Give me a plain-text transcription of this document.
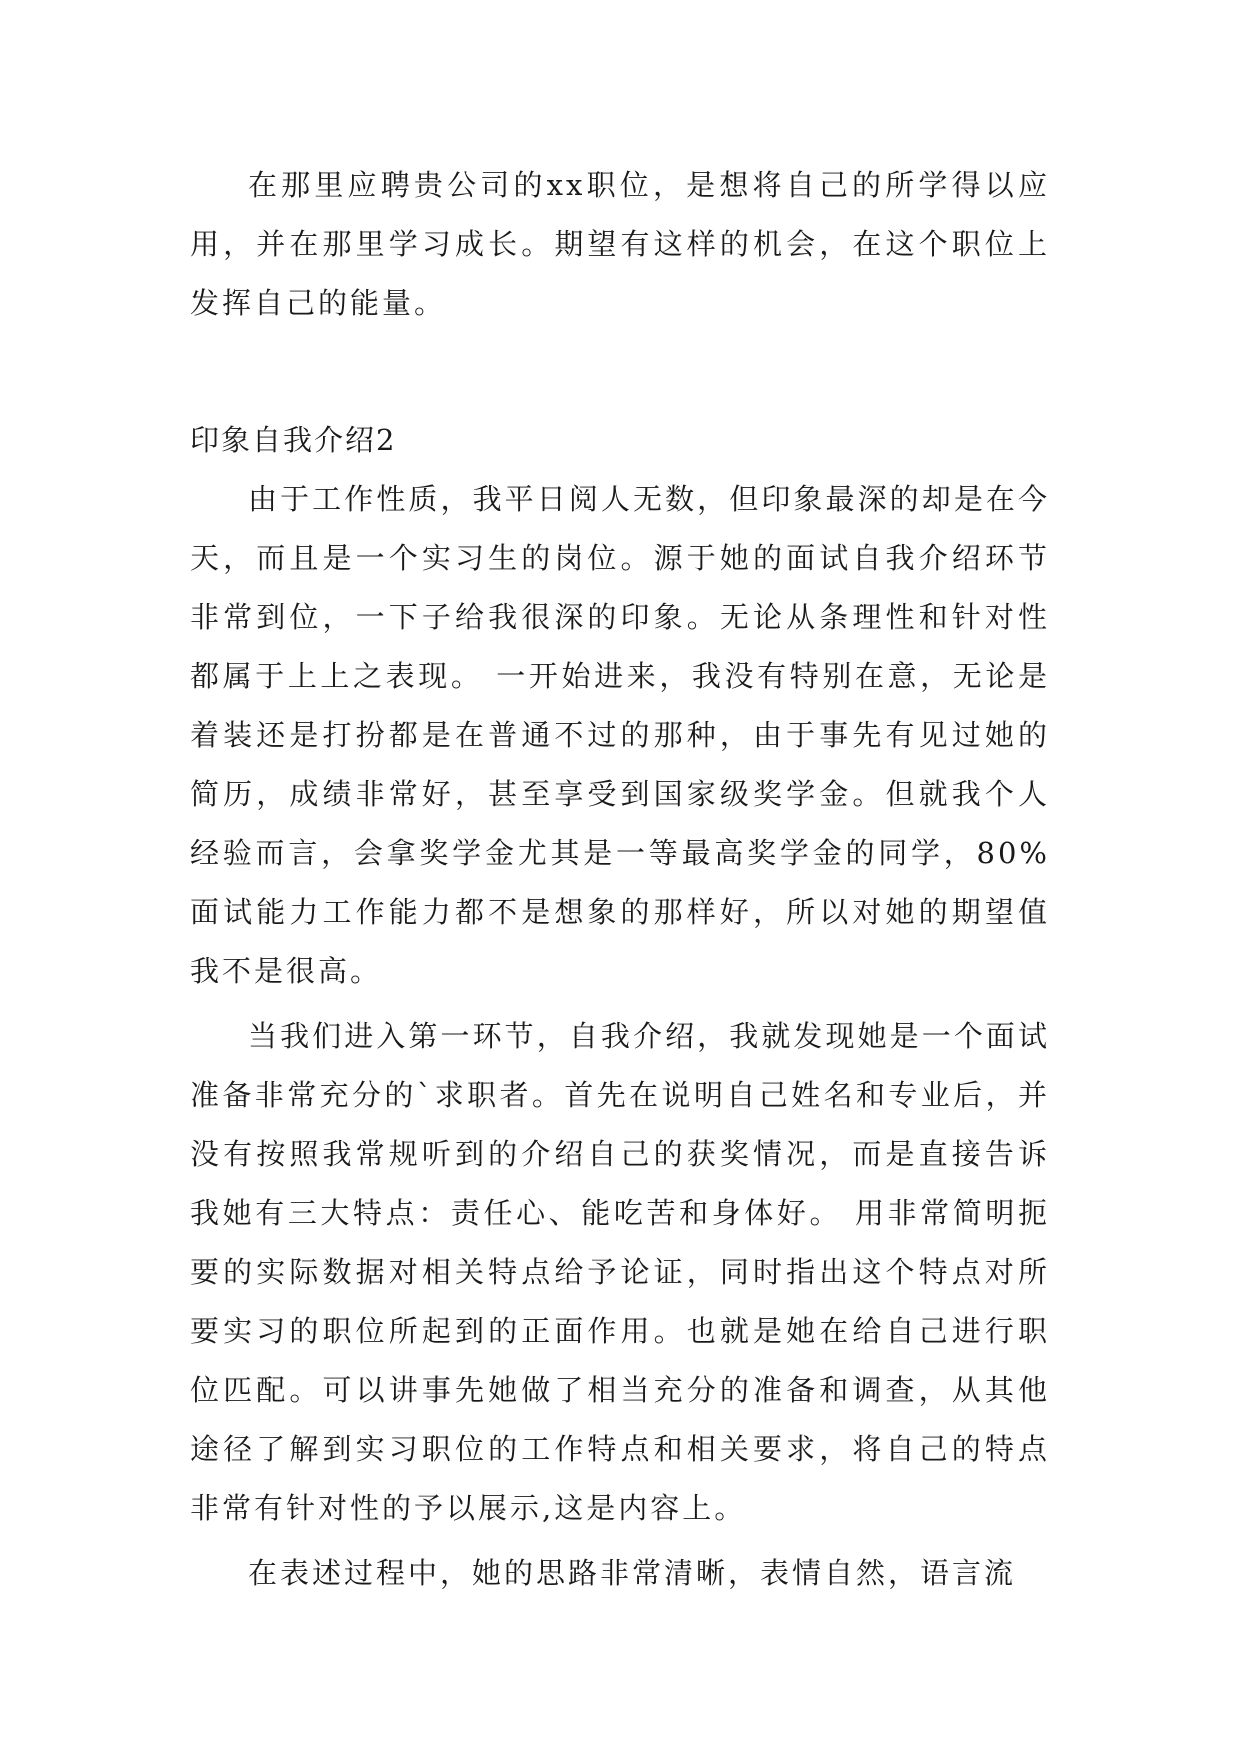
在那里应聘贵公司的xx职位，是想将自己的所学得以应用，并在那里学习成长。期望有这样的机会，在这个职位上发挥自己的能量。

印象自我介绍2

由于工作性质，我平日阅人无数，但印象最深的却是在今天，而且是一个实习生的岗位。源于她的面试自我介绍环节非常到位，一下子给我很深的印象。无论从条理性和针对性都属于上上之表现。 一开始进来，我没有特别在意，无论是着装还是打扮都是在普通不过的那种，由于事先有见过她的简历，成绩非常好，甚至享受到国家级奖学金。但就我个人经验而言，会拿奖学金尤其是一等最高奖学金的同学，80%面试能力工作能力都不是想象的那样好，所以对她的期望值我不是很高。

当我们进入第一环节，自我介绍，我就发现她是一个面试准备非常充分的`求职者。首先在说明自己姓名和专业后，并没有按照我常规听到的介绍自己的获奖情况，而是直接告诉我她有三大特点：责任心、能吃苦和身体好。 用非常简明扼要的实际数据对相关特点给予论证，同时指出这个特点对所要实习的职位所起到的正面作用。也就是她在给自己进行职位匹配。可以讲事先她做了相当充分的准备和调查，从其他途径了解到实习职位的工作特点和相关要求，将自己的特点非常有针对性的予以展示,这是内容上。

在表述过程中，她的思路非常清晰，表情自然，语言流
